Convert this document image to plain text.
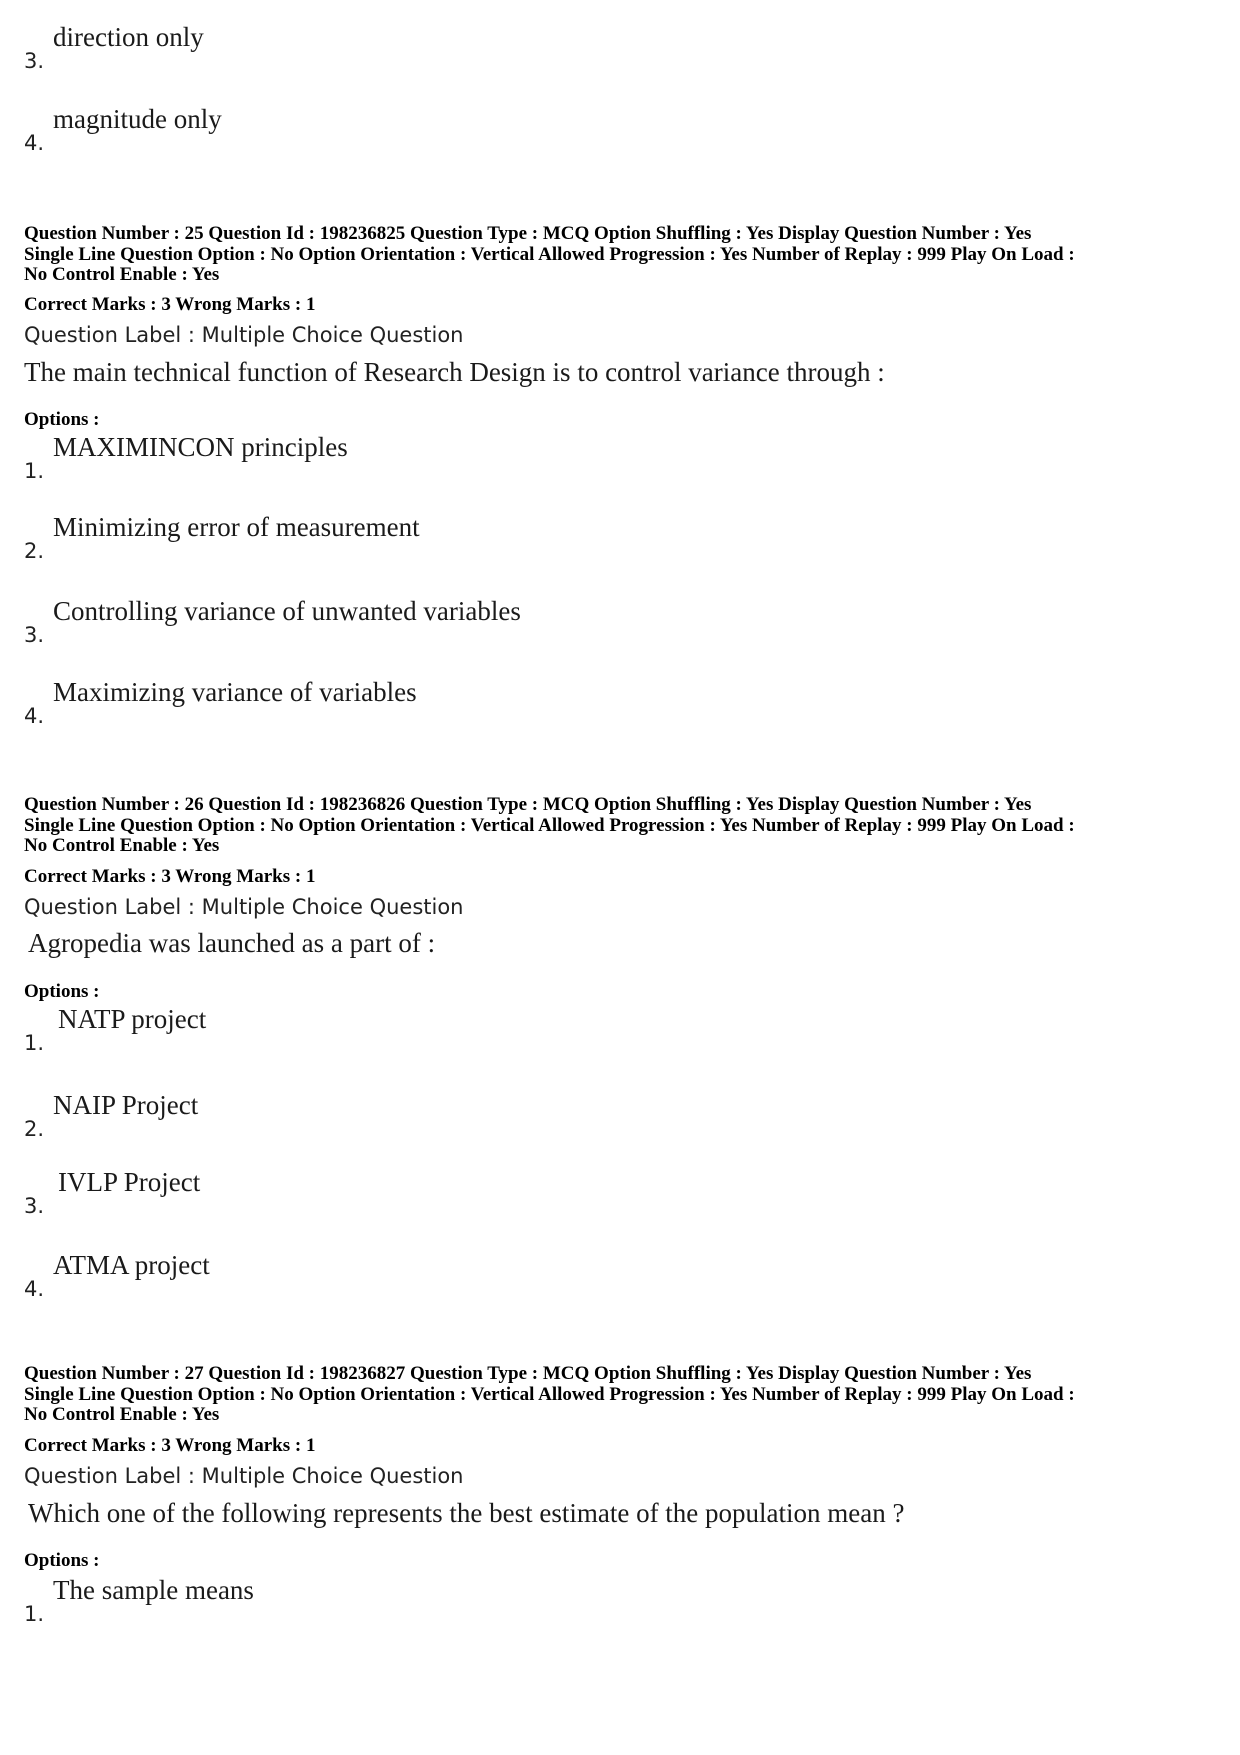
3.
direction only
4.
magnitude only
Question Number : 25 Question Id : 198236825 Question Type : MCQ Option Shuffling : Yes Display Question Number : Yes
Single Line Question Option : No Option Orientation : Vertical Allowed Progression : Yes Number of Replay : 999 Play On Load :
No Control Enable : Yes
Correct Marks : 3 Wrong Marks : 1
Question Label : Multiple Choice Question
The main technical function of Research Design is to control variance through :
Options :
1.
MAXIMINCON principles
2.
Minimizing error of measurement
3.
Controlling variance of unwanted variables
4.
Maximizing variance of variables
Question Number : 26 Question Id : 198236826 Question Type : MCQ Option Shuffling : Yes Display Question Number : Yes
Single Line Question Option : No Option Orientation : Vertical Allowed Progression : Yes Number of Replay : 999 Play On Load :
No Control Enable : Yes
Correct Marks : 3 Wrong Marks : 1
Question Label : Multiple Choice Question
Agropedia was launched as a part of :
Options :
1.
NATP project
2.
NAIP Project
3.
IVLP Project
4.
ATMA project
Question Number : 27 Question Id : 198236827 Question Type : MCQ Option Shuffling : Yes Display Question Number : Yes
Single Line Question Option : No Option Orientation : Vertical Allowed Progression : Yes Number of Replay : 999 Play On Load :
No Control Enable : Yes
Correct Marks : 3 Wrong Marks : 1
Question Label : Multiple Choice Question
Which one of the following represents the best estimate of the population mean ?
Options :
1.
The sample means
